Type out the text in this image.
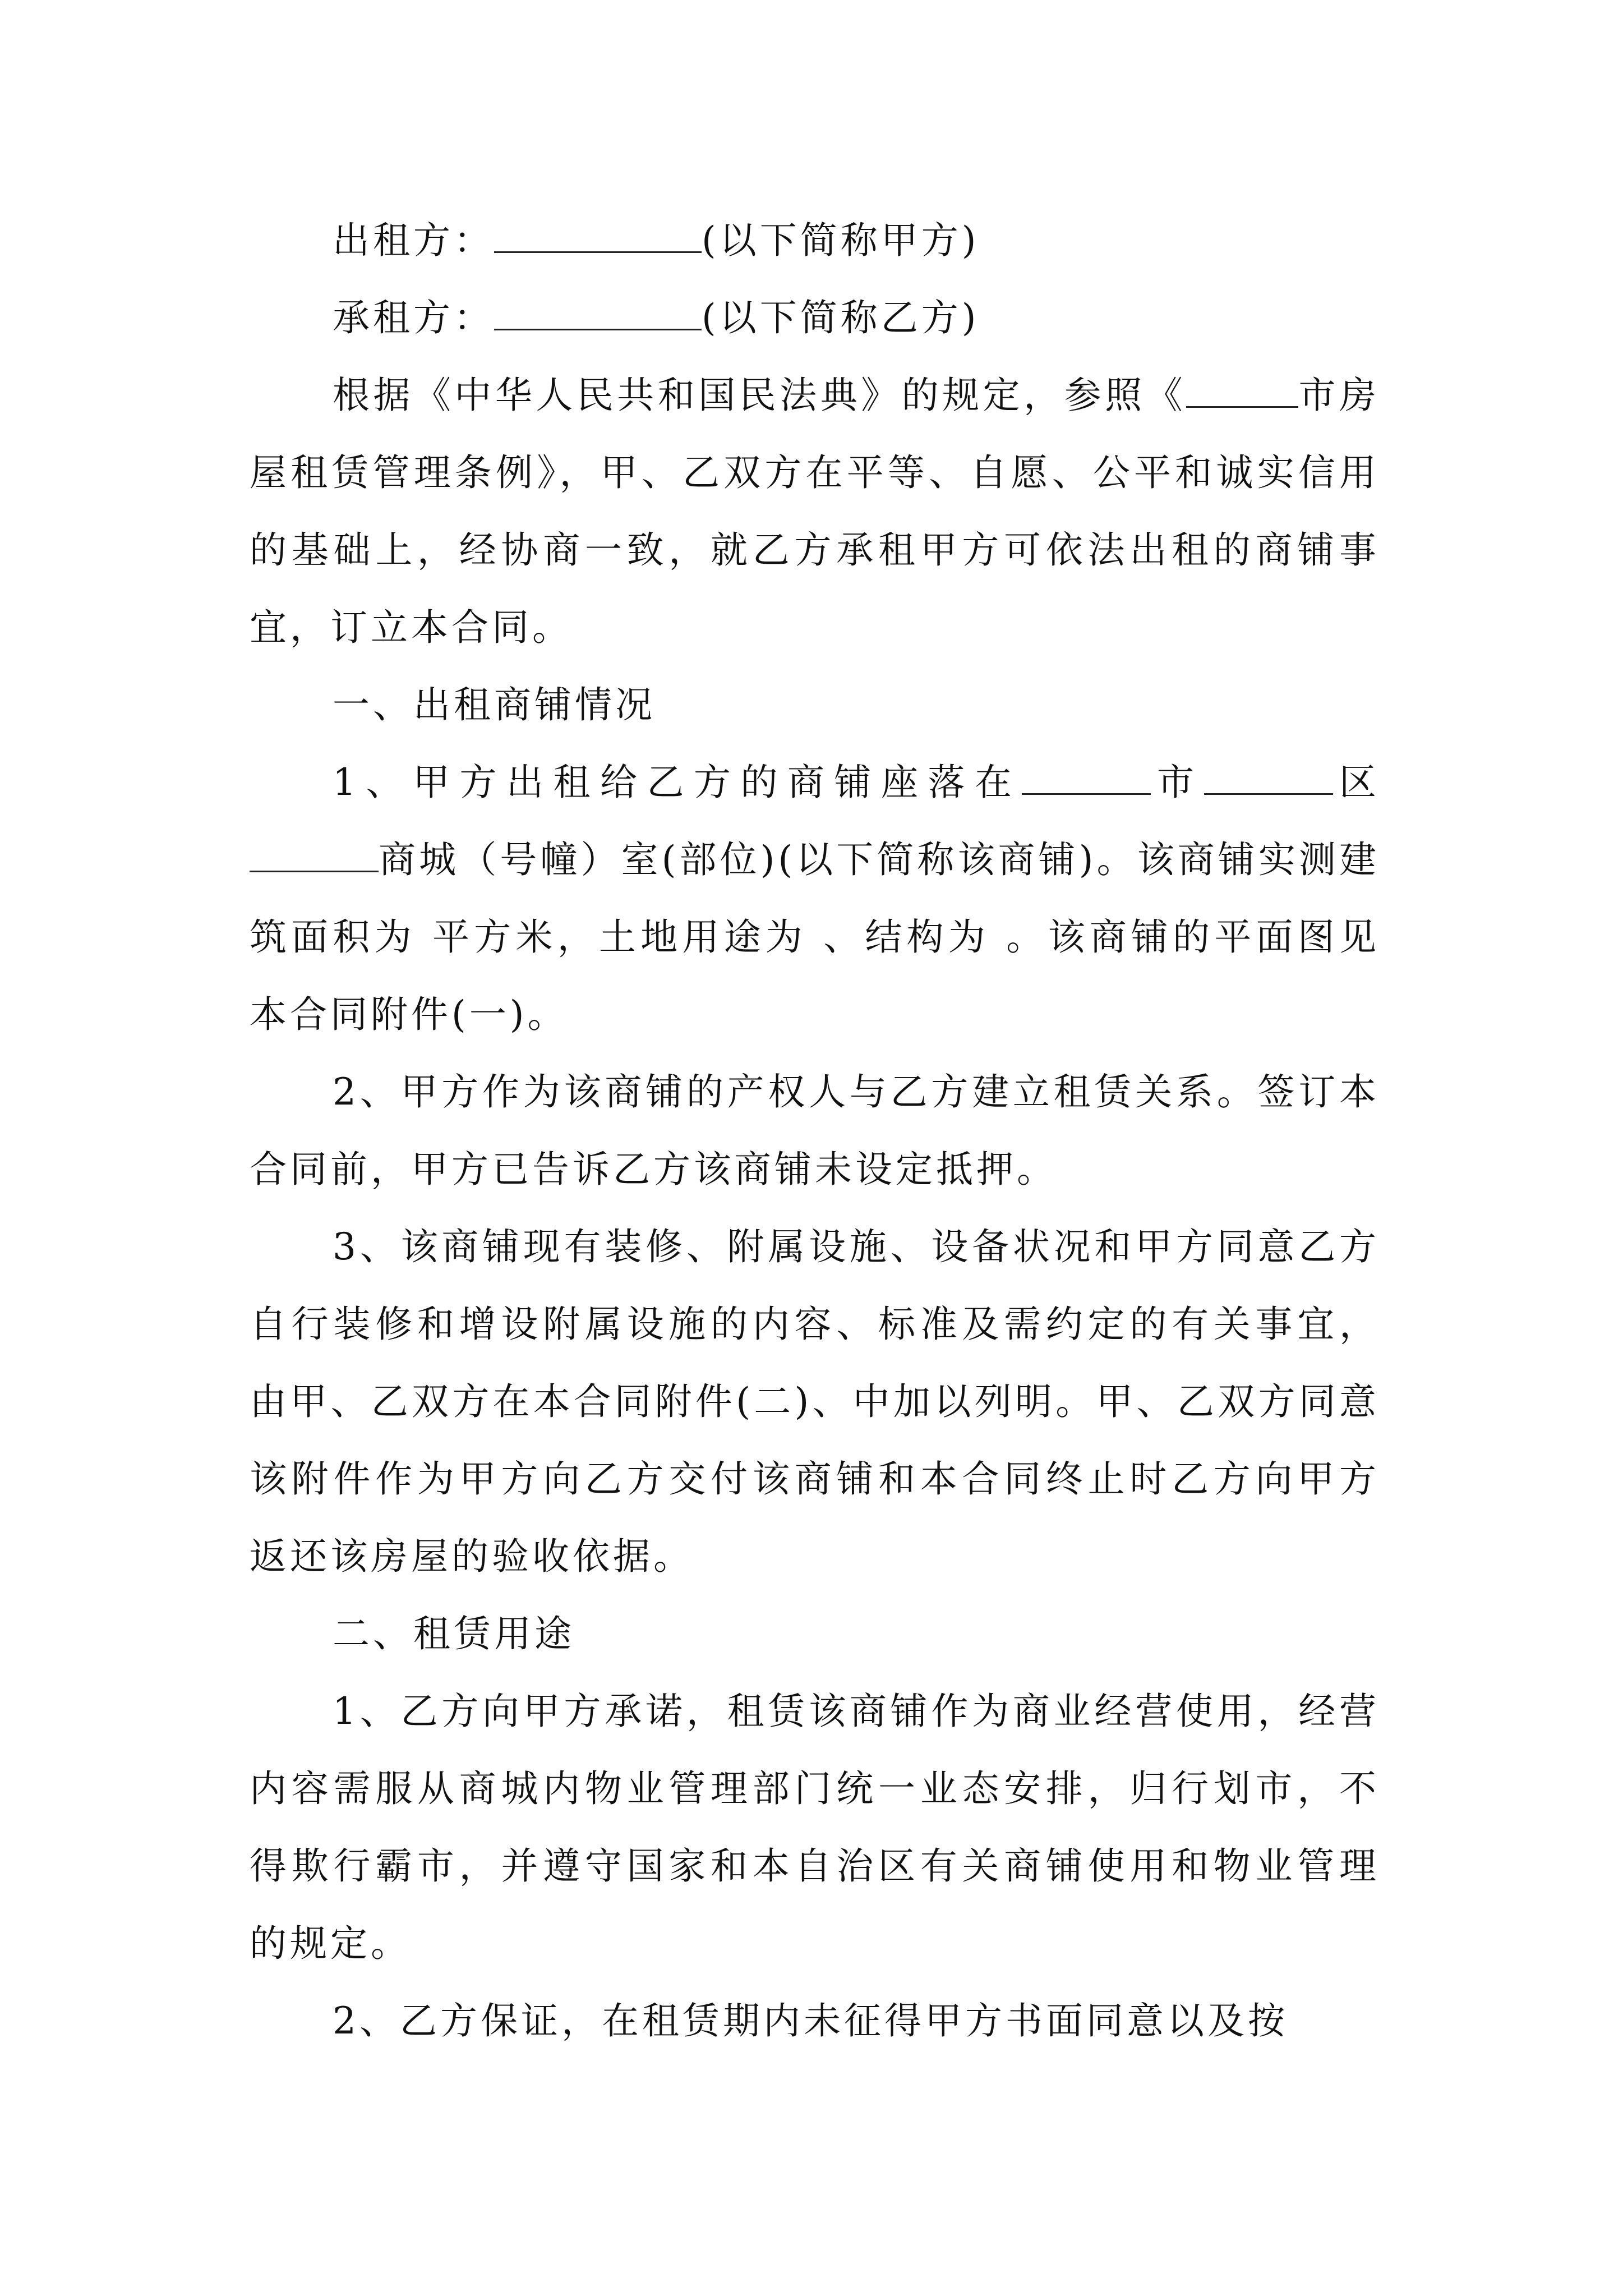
出租方：	(以下简称甲方)

承租方：	(以下简称乙方)

根据《中华人民共和国民法典》的规定，参照《	市房屋租赁管理条例》，甲、乙双方在平等、自愿、公平和诚实信用的基础上，经协商一致，就乙方承租甲方可依法出租的商铺事宜，订立本合同。

一、出租商铺情况

1、甲方出租给乙方的商铺座落在	市	区商城（号幢）室(部位)(以下简称该商铺)。该商铺实测建筑面积为 平方米，土地用途为 、结构为 。该商铺的平面图见本合同附件(一)。

2、甲方作为该商铺的产权人与乙方建立租赁关系。签订本合同前，甲方已告诉乙方该商铺未设定抵押。

3、该商铺现有装修、附属设施、设备状况和甲方同意乙方自行装修和增设附属设施的内容、标准及需约定的有关事宜，由甲、乙双方在本合同附件(二)、中加以列明。甲、乙双方同意该附件作为甲方向乙方交付该商铺和本合同终止时乙方向甲方返还该房屋的验收依据。

二、租赁用途

1、乙方向甲方承诺，租赁该商铺作为商业经营使用，经营内容需服从商城内物业管理部门统一业态安排，归行划市，不得欺行霸市，并遵守国家和本自治区有关商铺使用和物业管理的规定。

2、乙方保证，在租赁期内未征得甲方书面同意以及按
